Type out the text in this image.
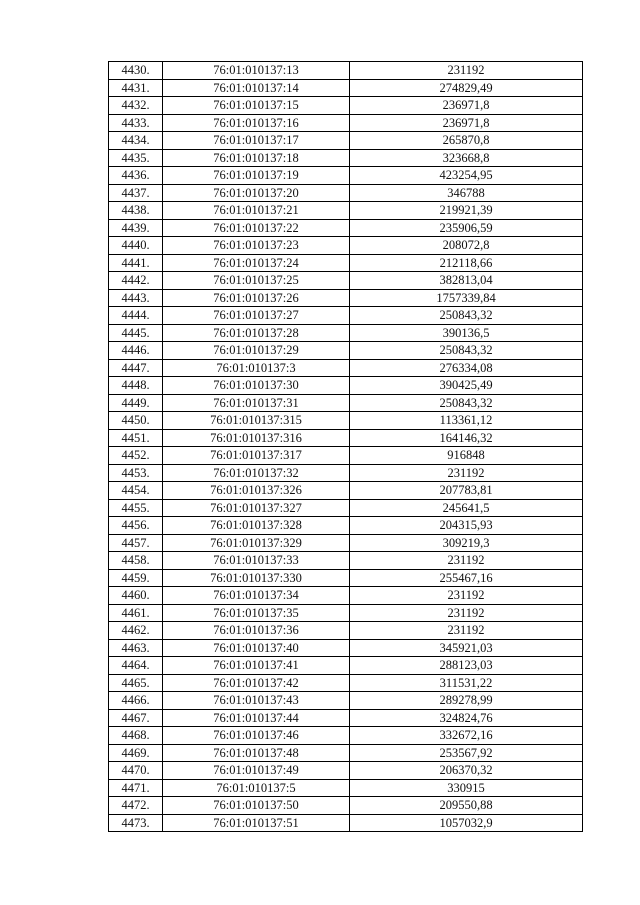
4430.	76:01:010137:13	231192
4431.	76:01:010137:14	274829,49
4432.	76:01:010137:15	236971,8
4433.	76:01:010137:16	236971,8
4434.	76:01:010137:17	265870,8
4435.	76:01:010137:18	323668,8
4436.	76:01:010137:19	423254,95
4437.	76:01:010137:20	346788
4438.	76:01:010137:21	219921,39
4439.	76:01:010137:22	235906,59
4440.	76:01:010137:23	208072,8
4441.	76:01:010137:24	212118,66
4442.	76:01:010137:25	382813,04
4443.	76:01:010137:26	1757339,84
4444.	76:01:010137:27	250843,32
4445.	76:01:010137:28	390136,5
4446.	76:01:010137:29	250843,32
4447.	76:01:010137:3	276334,08
4448.	76:01:010137:30	390425,49
4449.	76:01:010137:31	250843,32
4450.	76:01:010137:315	113361,12
4451.	76:01:010137:316	164146,32
4452.	76:01:010137:317	916848
4453.	76:01:010137:32	231192
4454.	76:01:010137:326	207783,81
4455.	76:01:010137:327	245641,5
4456.	76:01:010137:328	204315,93
4457.	76:01:010137:329	309219,3
4458.	76:01:010137:33	231192
4459.	76:01:010137:330	255467,16
4460.	76:01:010137:34	231192
4461.	76:01:010137:35	231192
4462.	76:01:010137:36	231192
4463.	76:01:010137:40	345921,03
4464.	76:01:010137:41	288123,03
4465.	76:01:010137:42	311531,22
4466.	76:01:010137:43	289278,99
4467.	76:01:010137:44	324824,76
4468.	76:01:010137:46	332672,16
4469.	76:01:010137:48	253567,92
4470.	76:01:010137:49	206370,32
4471.	76:01:010137:5	330915
4472.	76:01:010137:50	209550,88
4473.	76:01:010137:51	1057032,9
